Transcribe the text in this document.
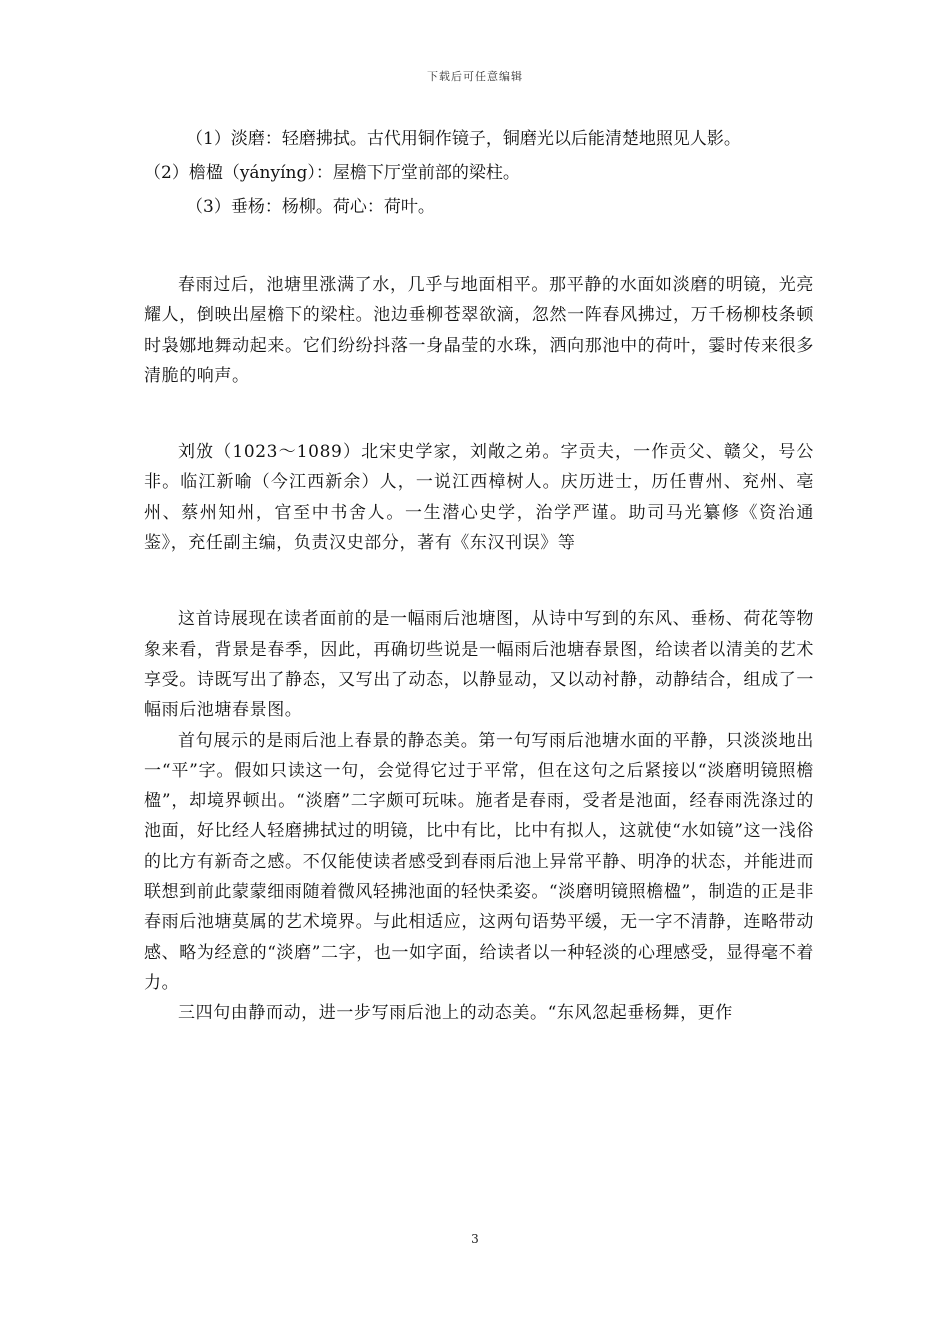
下载后可任意编辑

（1）淡磨：轻磨拂拭。古代用铜作镜子，铜磨光以后能清楚地照见人影。

（2）檐楹（yányíng）：屋檐下厅堂前部的梁柱。

（3）垂杨：杨柳。荷心：荷叶。

春雨过后，池塘里涨满了水，几乎与地面相平。那平静的水面如淡磨的明镜，光亮耀人，倒映出屋檐下的梁柱。池边垂柳苍翠欲滴，忽然一阵春风拂过，万千杨柳枝条顿时袅娜地舞动起来。它们纷纷抖落一身晶莹的水珠，洒向那池中的荷叶，霎时传来很多清脆的响声。

刘攽（1023～1089）北宋史学家，刘敞之弟。字贡夫，一作贡父、赣父，号公非。临江新喻（今江西新余）人，一说江西樟树人。庆历进士，历任曹州、兖州、亳州、蔡州知州，官至中书舍人。一生潜心史学，治学严谨。助司马光纂修《资治通鉴》，充任副主编，负责汉史部分，著有《东汉刊误》等

这首诗展现在读者面前的是一幅雨后池塘图，从诗中写到的东风、垂杨、荷花等物象来看，背景是春季，因此，再确切些说是一幅雨后池塘春景图，给读者以清美的艺术享受。诗既写出了静态，又写出了动态，以静显动，又以动衬静，动静结合，组成了一幅雨后池塘春景图。

首句展示的是雨后池上春景的静态美。第一句写雨后池塘水面的平静，只淡淡地出一“平”字。假如只读这一句，会觉得它过于平常，但在这句之后紧接以“淡磨明镜照檐楹”，却境界顿出。“淡磨”二字颇可玩味。施者是春雨，受者是池面，经春雨洗涤过的池面，好比经人轻磨拂拭过的明镜，比中有比，比中有拟人，这就使“水如镜”这一浅俗的比方有新奇之感。不仅能使读者感受到春雨后池上异常平静、明净的状态，并能进而联想到前此蒙蒙细雨随着微风轻拂池面的轻快柔姿。“淡磨明镜照檐楹”，制造的正是非春雨后池塘莫属的艺术境界。与此相适应，这两句语势平缓，无一字不清静，连略带动感、略为经意的“淡磨”二字，也一如字面，给读者以一种轻淡的心理感受，显得毫不着力。

三四句由静而动，进一步写雨后池上的动态美。“东风忽起垂杨舞，更作

3
